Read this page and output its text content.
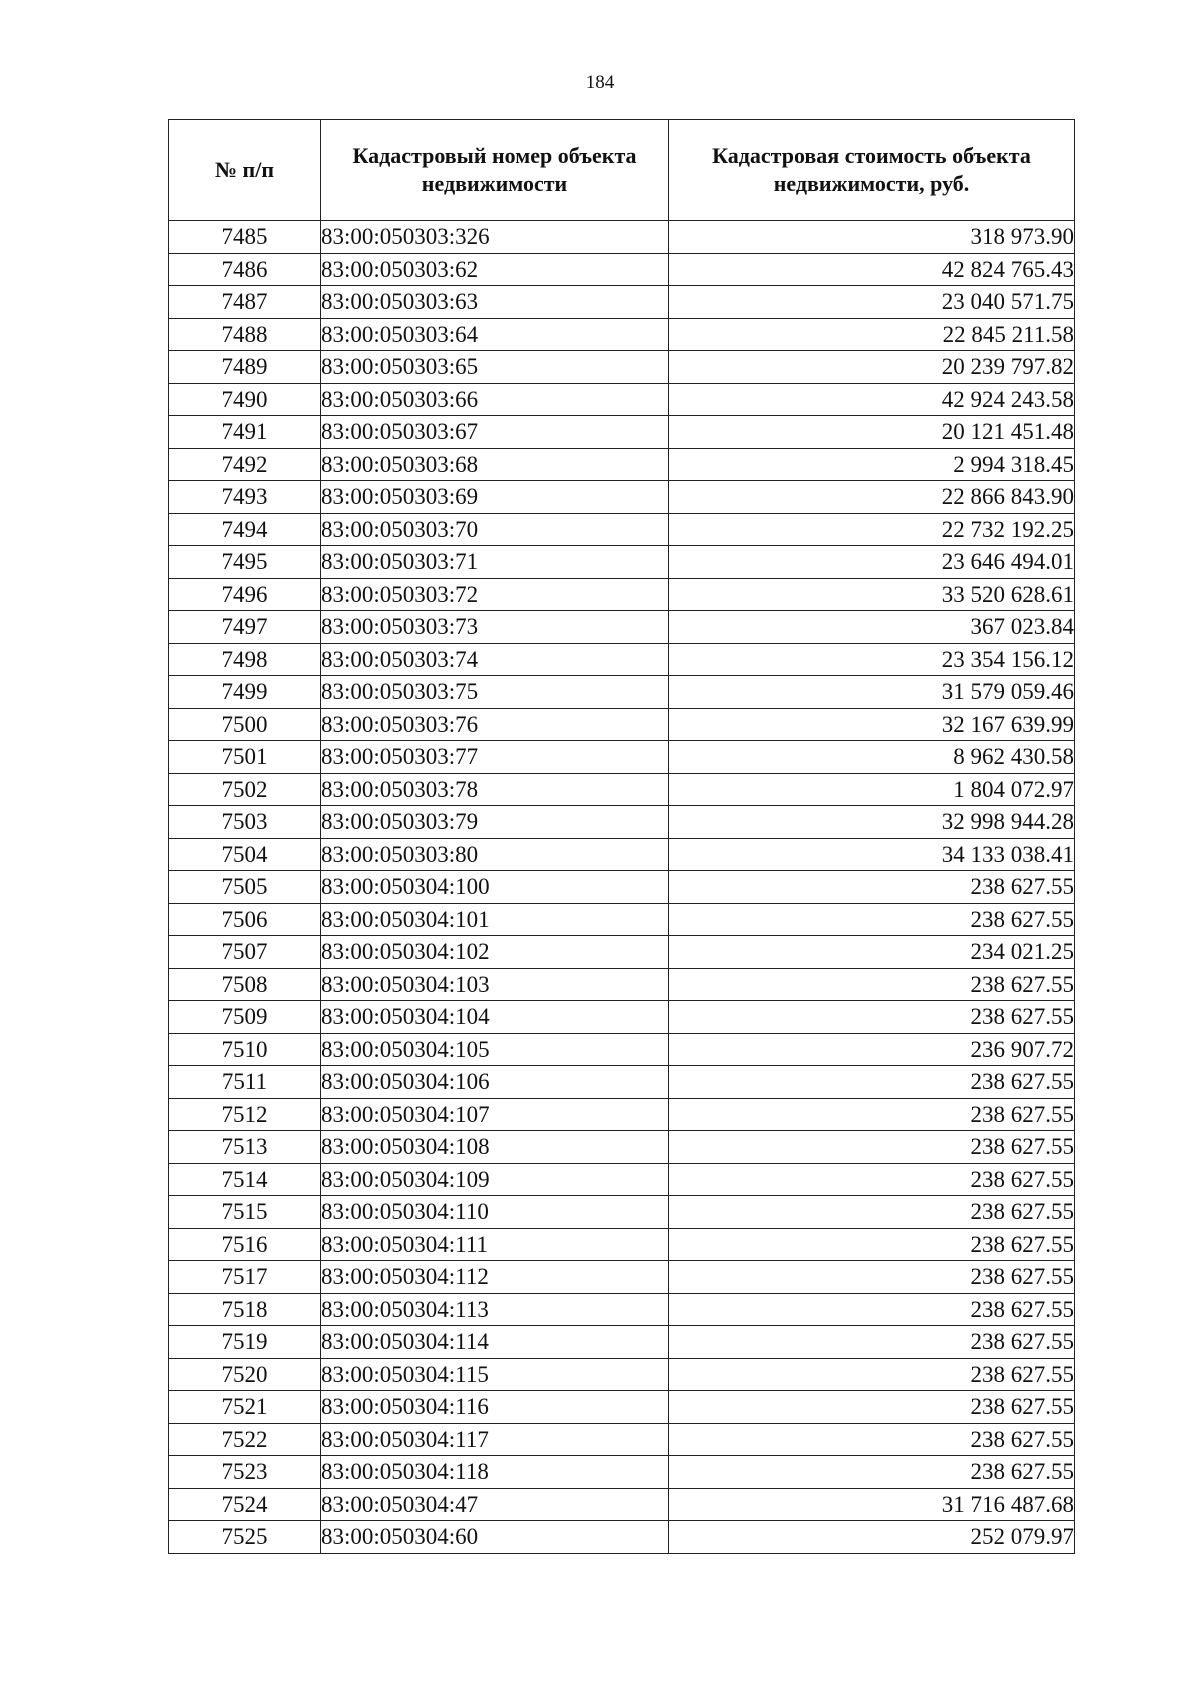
184
№ п/п	Кадастровый номер объекта недвижимости	Кадастровая стоимость объекта недвижимости, руб.
7485	83:00:050303:326	318 973.90
7486	83:00:050303:62	42 824 765.43
7487	83:00:050303:63	23 040 571.75
7488	83:00:050303:64	22 845 211.58
7489	83:00:050303:65	20 239 797.82
7490	83:00:050303:66	42 924 243.58
7491	83:00:050303:67	20 121 451.48
7492	83:00:050303:68	2 994 318.45
7493	83:00:050303:69	22 866 843.90
7494	83:00:050303:70	22 732 192.25
7495	83:00:050303:71	23 646 494.01
7496	83:00:050303:72	33 520 628.61
7497	83:00:050303:73	367 023.84
7498	83:00:050303:74	23 354 156.12
7499	83:00:050303:75	31 579 059.46
7500	83:00:050303:76	32 167 639.99
7501	83:00:050303:77	8 962 430.58
7502	83:00:050303:78	1 804 072.97
7503	83:00:050303:79	32 998 944.28
7504	83:00:050303:80	34 133 038.41
7505	83:00:050304:100	238 627.55
7506	83:00:050304:101	238 627.55
7507	83:00:050304:102	234 021.25
7508	83:00:050304:103	238 627.55
7509	83:00:050304:104	238 627.55
7510	83:00:050304:105	236 907.72
7511	83:00:050304:106	238 627.55
7512	83:00:050304:107	238 627.55
7513	83:00:050304:108	238 627.55
7514	83:00:050304:109	238 627.55
7515	83:00:050304:110	238 627.55
7516	83:00:050304:111	238 627.55
7517	83:00:050304:112	238 627.55
7518	83:00:050304:113	238 627.55
7519	83:00:050304:114	238 627.55
7520	83:00:050304:115	238 627.55
7521	83:00:050304:116	238 627.55
7522	83:00:050304:117	238 627.55
7523	83:00:050304:118	238 627.55
7524	83:00:050304:47	31 716 487.68
7525	83:00:050304:60	252 079.97
